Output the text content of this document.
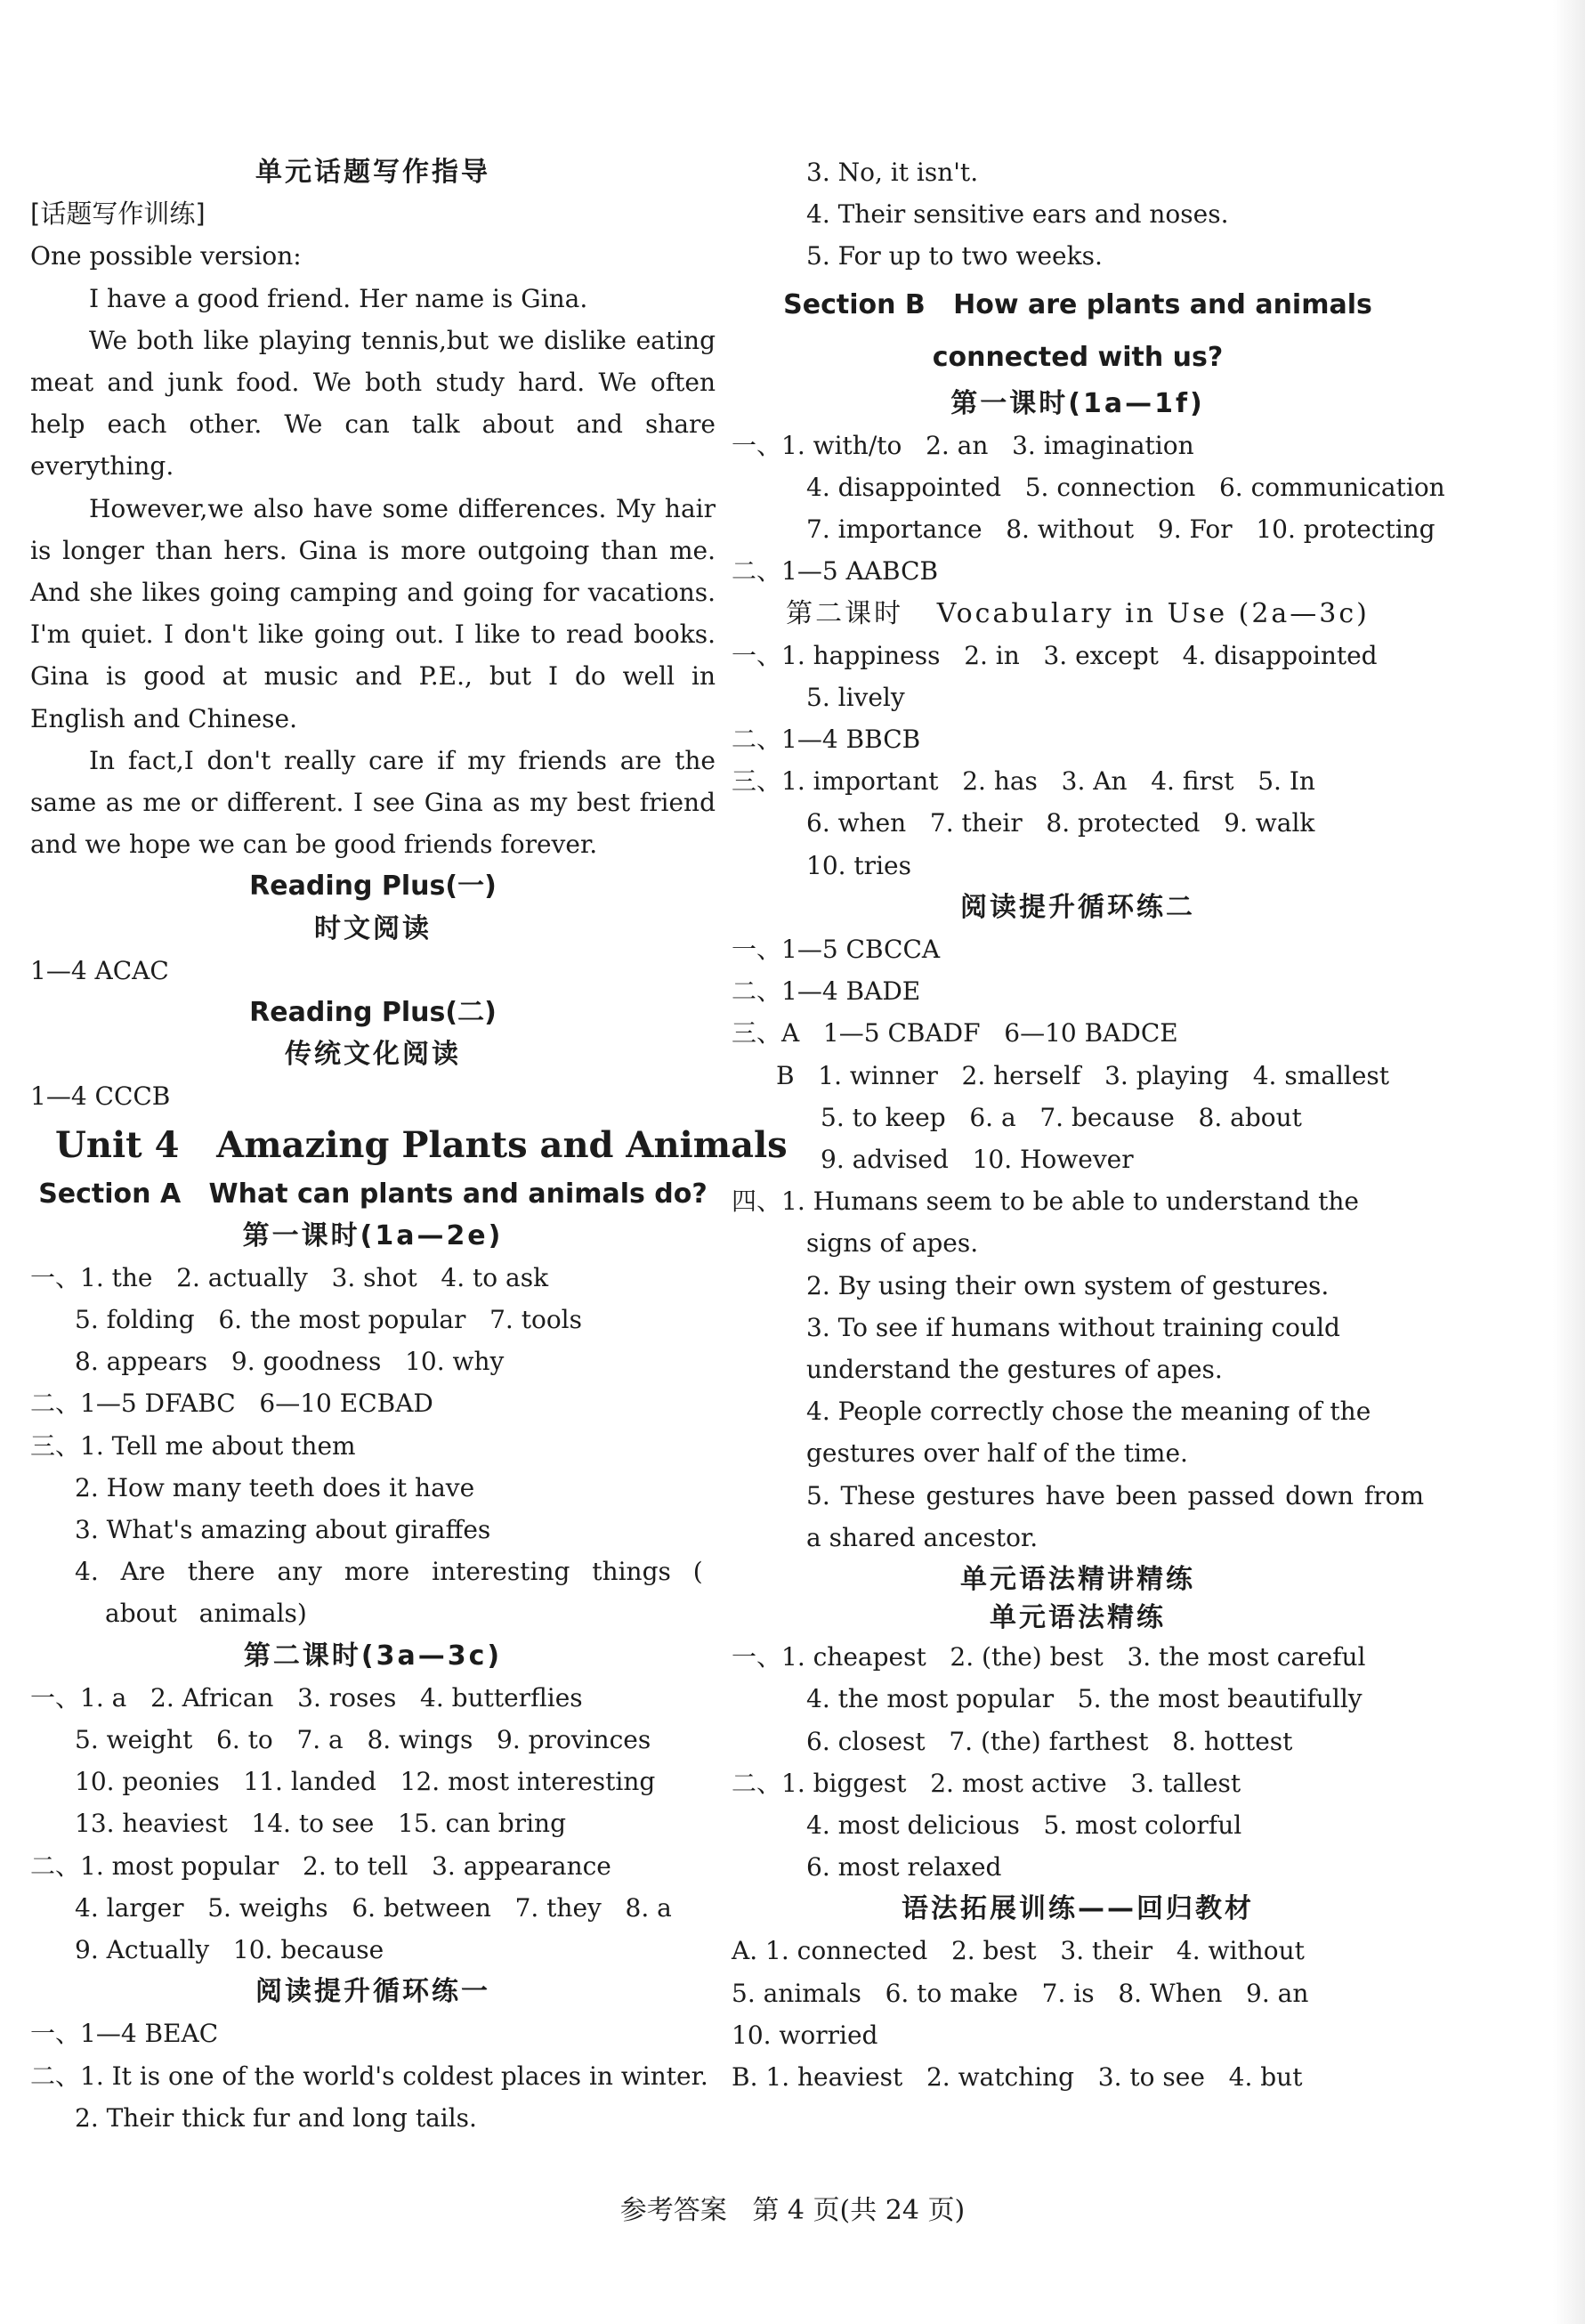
单元话题写作指导
[话题写作训练]
One possible version:

I have a good friend. Her name is Gina.

We both like playing tennis,but we dislike eating meat and junk food. We both study hard. We often help each other. We can talk about and share everything.

However,we also have some differences. My hair is longer than hers. Gina is more outgoing than me. And she likes going camping and going for vacations. I'm quiet. I don't like going out. I like to read books. Gina is good at music and P.E., but I do well in English and Chinese.

In fact,I don't really care if my friends are the same as me or different. I see Gina as my best friend and we hope we can be good friends forever.

Reading Plus(一)
时文阅读
1—4 ACAC
Reading Plus(二)
传统文化阅读
1—4 CCCB
Unit 4   Amazing Plants and Animals
Section A   What can plants and animals do?
第一课时(1a—2e)
一、1. the   2. actually   3. shot   4. to ask
5. folding   6. the most popular   7. tools
8. appears   9. goodness   10. why
二、1—5 DFABC   6—10 ECBAD
三、1. Tell me about them
2. How many teeth does it have
3. What's amazing about giraffes
4. Are there any more interesting things ( about animals)
第二课时(3a—3c)
一、1. a   2. African   3. roses   4. butterflies
5. weight   6. to   7. a   8. wings   9. provinces
10. peonies   11. landed   12. most interesting
13. heaviest   14. to see   15. can bring
二、1. most popular   2. to tell   3. appearance
4. larger   5. weighs   6. between   7. they   8. a
9. Actually   10. because
阅读提升循环练一
一、1—4 BEAC
二、1. It is one of the world's coldest places in winter.
2. Their thick fur and long tails.
3. No, it isn't.
4. Their sensitive ears and noses.
5. For up to two weeks.
Section B   How are plants and animals
connected with us?
第一课时(1a—1f)
一、1. with/to   2. an   3. imagination
4. disappointed   5. connection   6. communication
7. importance   8. without   9. For   10. protecting
二、1—5 AABCB
第二课时   Vocabulary in Use (2a—3c)
一、1. happiness   2. in   3. except   4. disappointed
5. lively
二、1—4 BBCB
三、1. important   2. has   3. An   4. first   5. In
6. when   7. their   8. protected   9. walk
10. tries
阅读提升循环练二
一、1—5 CBCCA
二、1—4 BADE
三、A   1—5 CBADF   6—10 BADCE
B   1. winner   2. herself   3. playing   4. smallest
5. to keep   6. a   7. because   8. about
9. advised   10. However
四、1. Humans seem to be able to understand the signs of apes.
2. By using their own system of gestures.
3. To see if humans without training could understand the gestures of apes.
4. People correctly chose the meaning of the gestures over half of the time.
5. These gestures have been passed down from a shared ancestor.
单元语法精讲精练
单元语法精练
一、1. cheapest   2. (the) best   3. the most careful
4. the most popular   5. the most beautifully
6. closest   7. (the) farthest   8. hottest
二、1. biggest   2. most active   3. tallest
4. most delicious   5. most colorful
6. most relaxed
语法拓展训练——回归教材
A. 1. connected   2. best   3. their   4. without
5. animals   6. to make   7. is   8. When   9. an
10. worried
B. 1. heaviest   2. watching   3. to see   4. but
参考答案   第 4 页(共 24 页)
